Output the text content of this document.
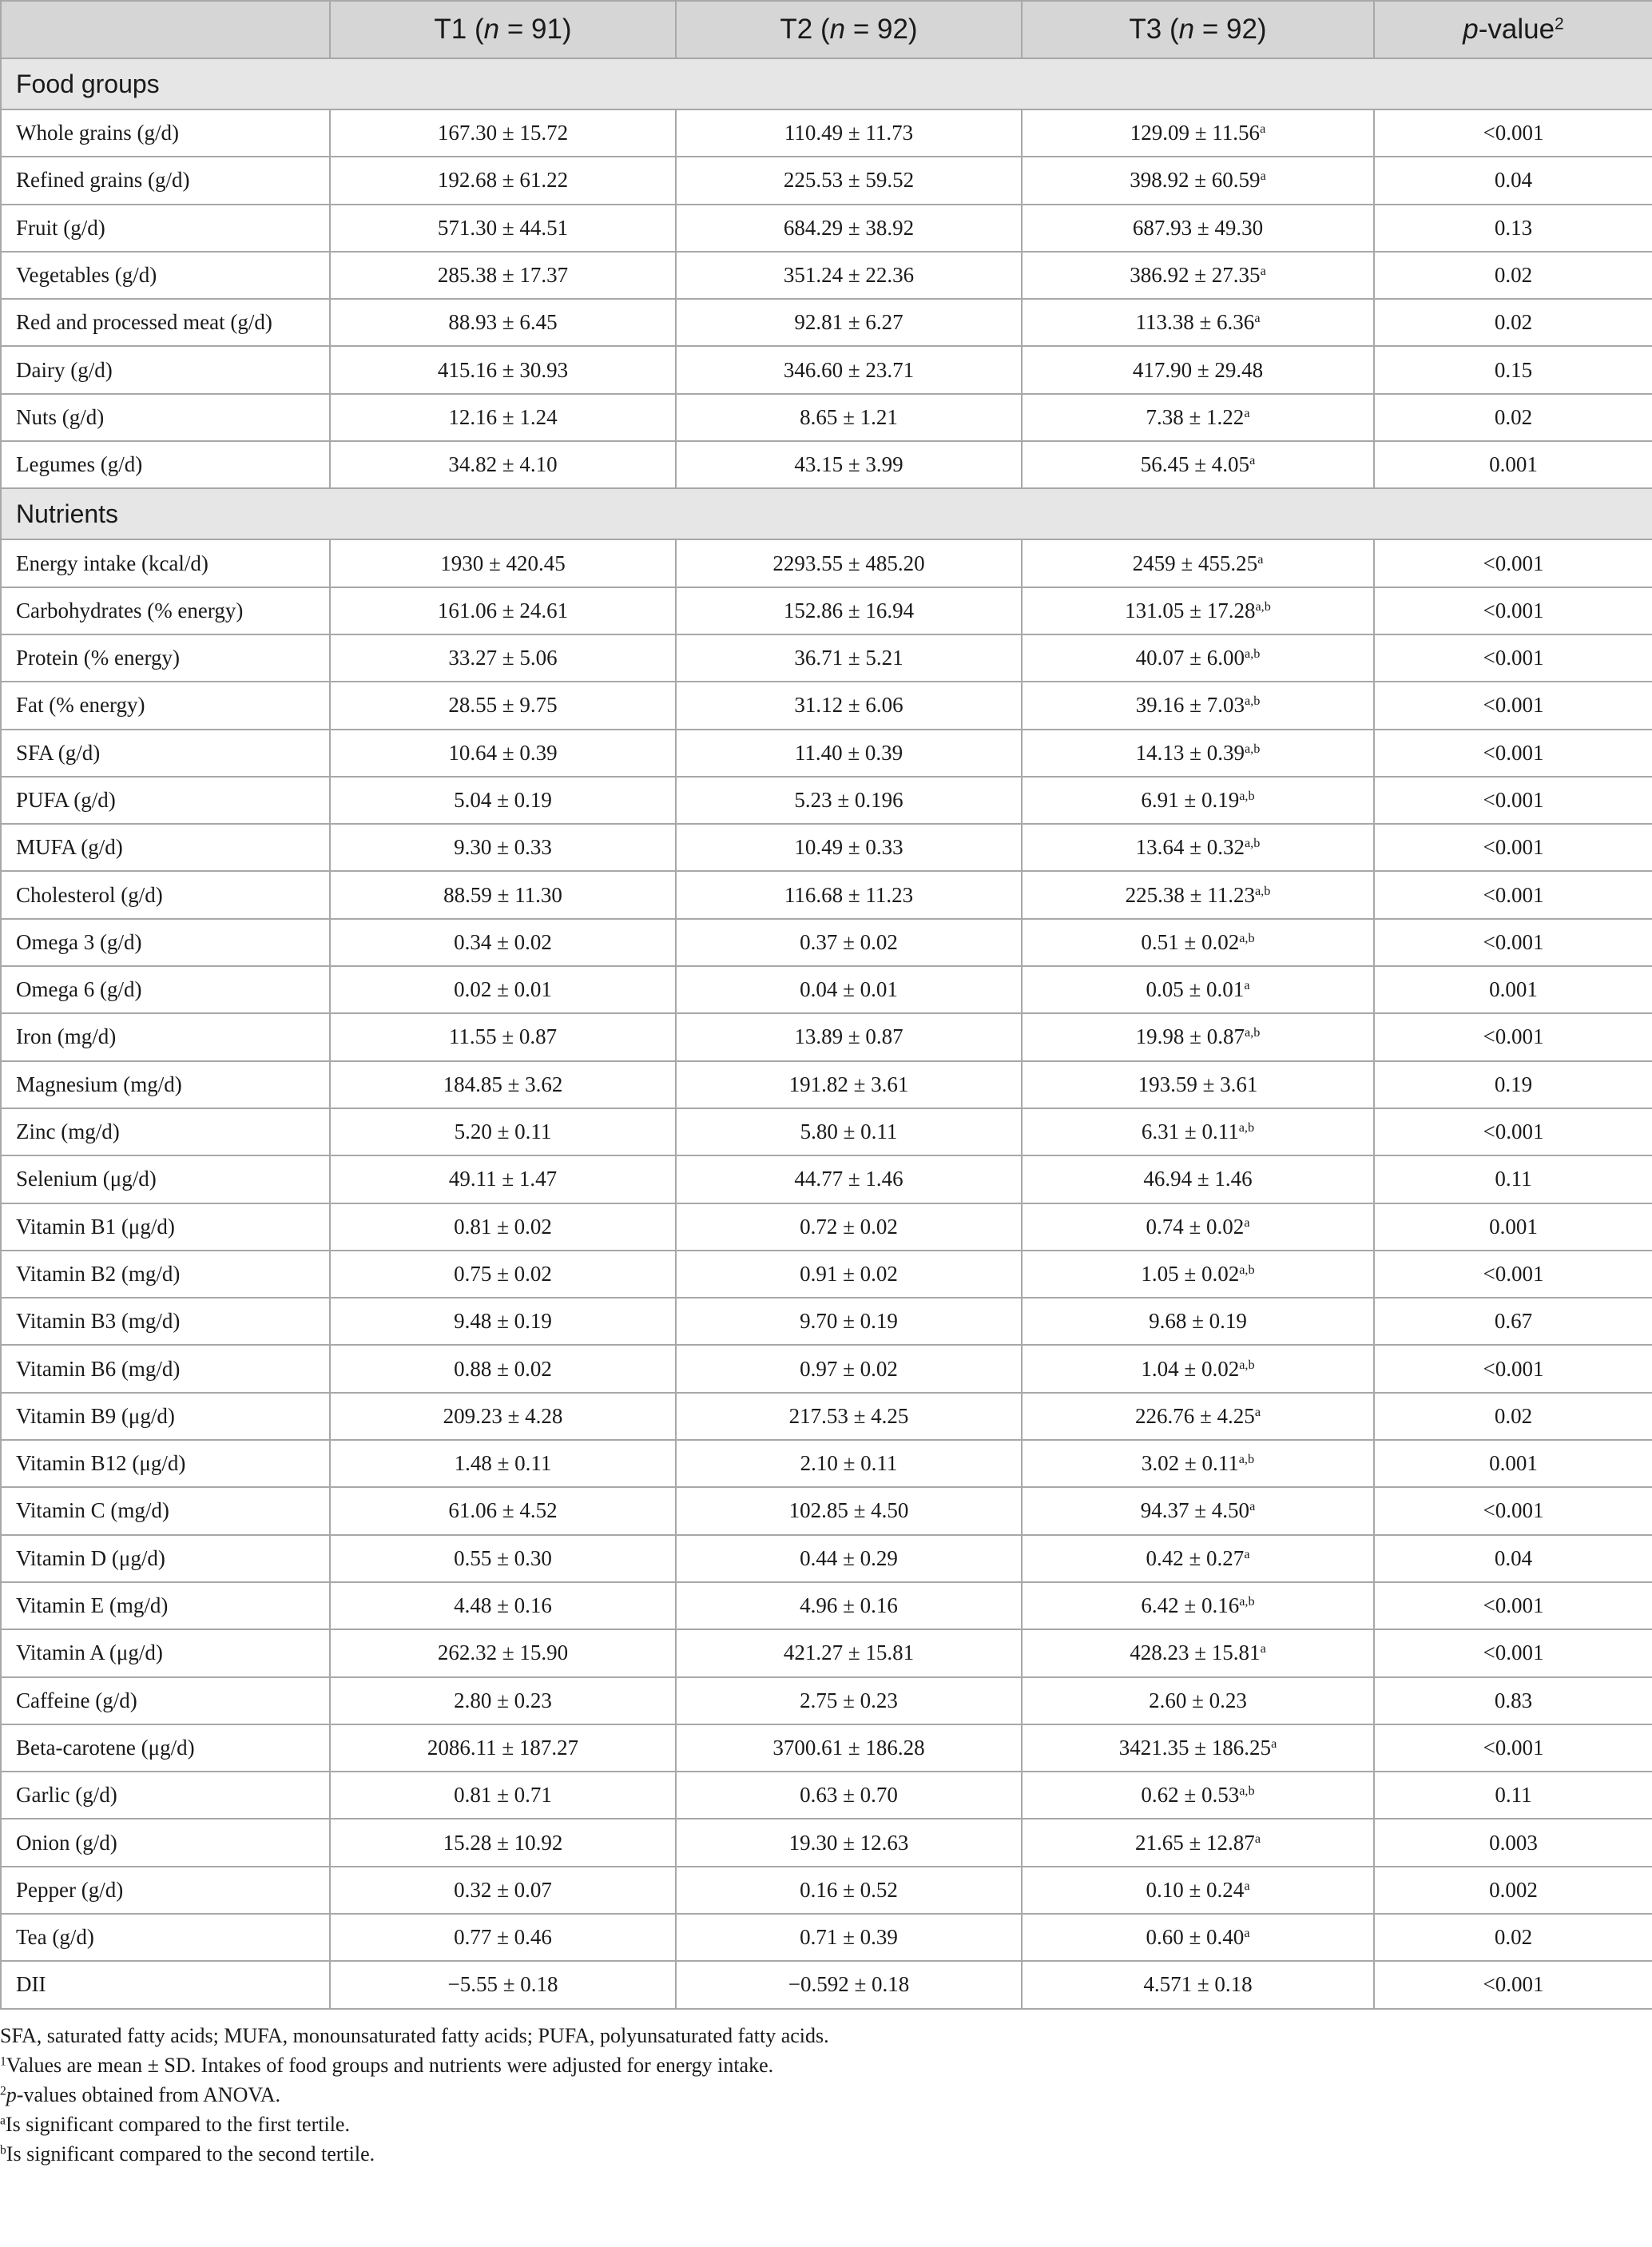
	T1 (n = 91)	T2 (n = 92)	T3 (n = 92)	p-value$^2$
Food groups				
Whole grains (g/d)	167.30 ± 15.72	110.49 ± 11.73	129.09 ± 11.56$^a$	<0.001
Refined grains (g/d)	192.68 ± 61.22	225.53 ± 59.52	398.92 ± 60.59$^a$	0.04
Fruit (g/d)	571.30 ± 44.51	684.29 ± 38.92	687.93 ± 49.30	0.13
Vegetables (g/d)	285.38 ± 17.37	351.24 ± 22.36	386.92 ± 27.35$^a$	0.02
Red and processed meat (g/d)	88.93 ± 6.45	92.81 ± 6.27	113.38 ± 6.36$^a$	0.02
Dairy (g/d)	415.16 ± 30.93	346.60 ± 23.71	417.90 ± 29.48	0.15
Nuts (g/d)	12.16 ± 1.24	8.65 ± 1.21	7.38 ± 1.22$^a$	0.02
Legumes (g/d)	34.82 ± 4.10	43.15 ± 3.99	56.45 ± 4.05$^a$	0.001
Nutrients				
Energy intake (kcal/d)	1930 ± 420.45	2293.55 ± 485.20	2459 ± 455.25$^a$	<0.001
Carbohydrates (% energy)	161.06 ± 24.61	152.86 ± 16.94	$131.05 \pm 17.28^{a,b}$	<0.001
Protein (% energy)	33.27 ± 5.06	36.71 ± 5.21	$40.07 \pm 6.00^{a,b}$	<0.001
Fat (% energy)	28.55 ± 9.75	31.12 ± 6.06	$39.16 \pm 7.03^{a,b}$	<0.001
SFA (g/d)	10.64 ± 0.39	11.40 ± 0.39	$14.13 \pm 0.39^{a,b}$	<0.001
PUFA (g/d)	5.04 ± 0.19	5.23 ± 0.196	$6.91 \pm 0.19^{a,b}$	<0.001
MUFA (g/d)	9.30 ± 0.33	10.49 ± 0.33	$13.64 \pm 0.32^{a,b}$	<0.001
Cholesterol (g/d)	88.59 ± 11.30	116.68 ± 11.23	$225.38 \pm 11.23^{a,b}$	<0.001
Omega 3 (g/d)	0.34 ± 0.02	0.37 ± 0.02	$0.51 \pm 0.02^{a,b}$	<0.001
Omega 6 (g/d)	0.02 ± 0.01	0.04 ± 0.01	0.05 ± 0.01$^a$	0.001
Iron (mg/d)	11.55 ± 0.87	13.89 ± 0.87	$19.98 \pm 0.87^{a,b}$	<0.001
Magnesium (mg/d)	184.85 ± 3.62	191.82 ± 3.61	193.59 ± 3.61	0.19
Zinc (mg/d)	5.20 ± 0.11	5.80 ± 0.11	$6.31 \pm 0.11^{a,b}$	<0.001
Selenium (μg/d)	49.11 ± 1.47	44.77 ± 1.46	46.94 ± 1.46	0.11
Vitamin B1 (μg/d)	0.81 ± 0.02	0.72 ± 0.02	0.74 ± 0.02$^a$	0.001
Vitamin B2 (mg/d)	0.75 ± 0.02	0.91 ± 0.02	$1.05 \pm 0.02^{a,b}$	<0.001
Vitamin B3 (mg/d)	9.48 ± 0.19	9.70 ± 0.19	9.68 ± 0.19	0.67
Vitamin B6 (mg/d)	0.88 ± 0.02	0.97 ± 0.02	$1.04 \pm 0.02^{a,b}$	<0.001
Vitamin B9 (μg/d)	209.23 ± 4.28	217.53 ± 4.25	226.76 ± 4.25$^a$	0.02
Vitamin B12 (μg/d)	1.48 ± 0.11	2.10 ± 0.11	$3.02 \pm 0.11^{a,b}$	0.001
Vitamin C (mg/d)	61.06 ± 4.52	102.85 ± 4.50	94.37 ± 4.50$^a$	<0.001
Vitamin D (μg/d)	0.55 ± 0.30	0.44 ± 0.29	0.42 ± 0.27$^a$	0.04
Vitamin E (mg/d)	4.48 ± 0.16	4.96 ± 0.16	$6.42 \pm 0.16^{a,b}$	<0.001
Vitamin A (μg/d)	262.32 ± 15.90	421.27 ± 15.81	428.23 ± 15.81$^a$	<0.001
Caffeine (g/d)	2.80 ± 0.23	2.75 ± 0.23	2.60 ± 0.23	0.83
Beta-carotene (μg/d)	2086.11 ± 187.27	3700.61 ± 186.28	3421.35 ± 186.25$^a$	<0.001
Garlic (g/d)	0.81 ± 0.71	0.63 ± 0.70	$0.62 \pm 0.53^{a,b}$	0.11
Onion (g/d)	15.28 ± 10.92	19.30 ± 12.63	21.65 ± 12.87$^a$	0.003
Pepper (g/d)	0.32 ± 0.07	0.16 ± 0.52	0.10 ± 0.24$^a$	0.002
Tea (g/d)	0.77 ± 0.46	0.71 ± 0.39	0.60 ± 0.40$^a$	0.02
DII	−5.55 ± 0.18	−0.592 ± 0.18	4.571 ± 0.18	<0.001
SFA, saturated fatty acids; MUFA, monounsaturated fatty acids; PUFA, polyunsaturated fatty acids.
$^1$Values are mean ± SD. Intakes of food groups and nutrients were adjusted for energy intake.
$^2$p-values obtained from ANOVA.
$^a$Is significant compared to the first tertile.
$^b$Is significant compared to the second tertile.
